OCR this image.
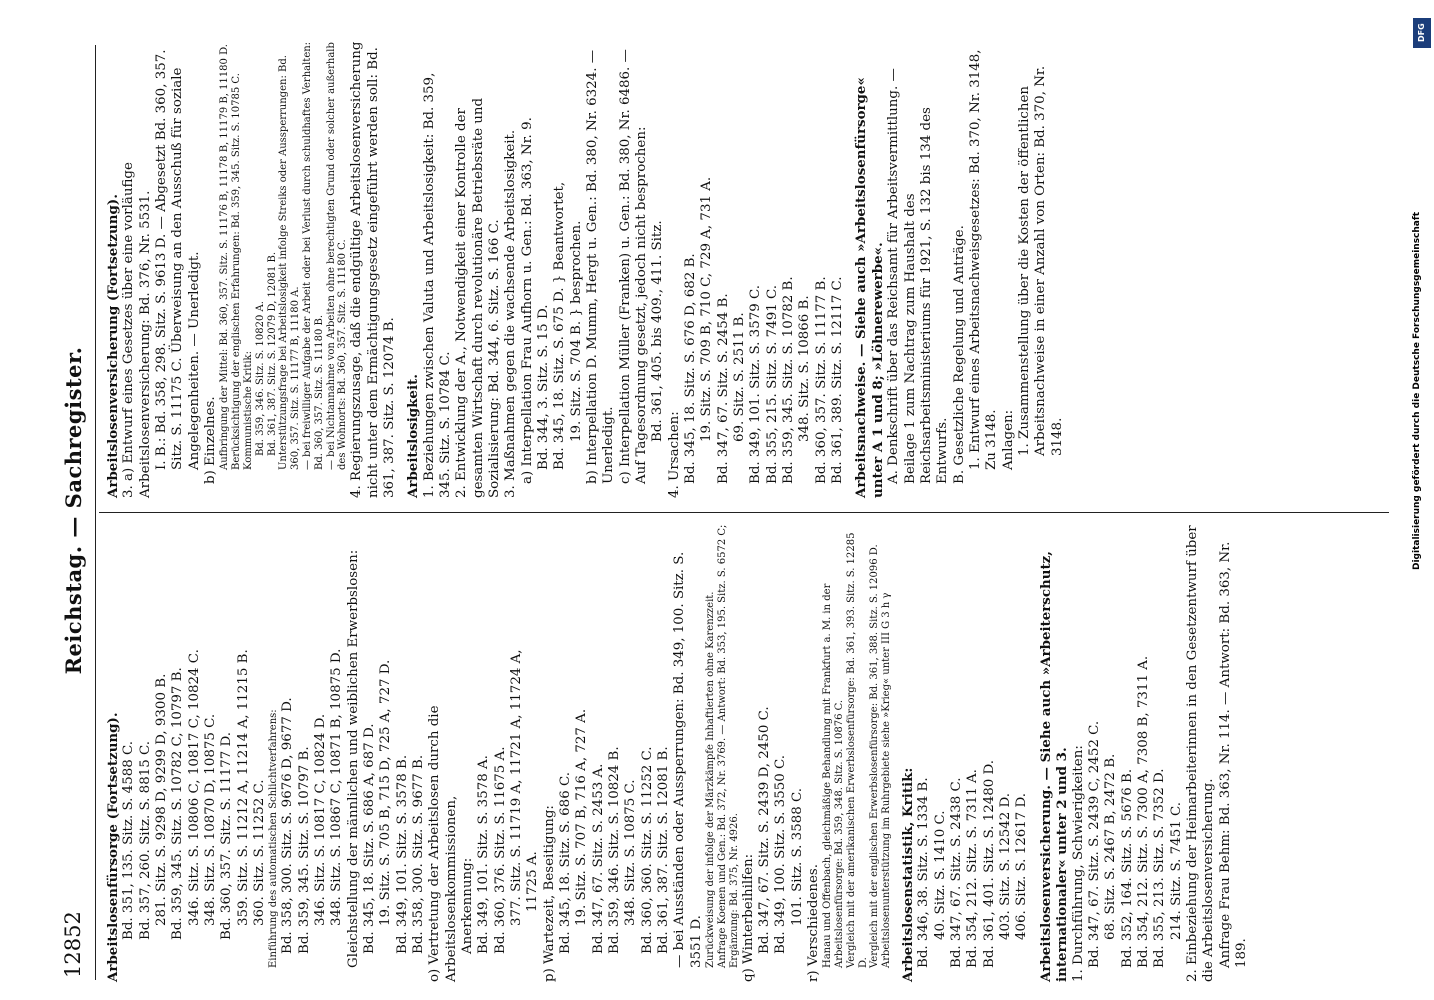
12852
Reichstag. — Sachregister.

Arbeitslosenfürsorge (Fortsetzung). Bd. 351, 135. Sitz. S. 4588 C. Bd. 357, 260. Sitz. S. 8815 C. 281. Sitz. S. 9298 D, 9299 D, 9300 B. Bd. 359, 345. Sitz. S. 10782 C, 10797 B. 346. Sitz. S. 10806 C, 10817 C, 10824 C. 348. Sitz. S. 10870 D, 10875 C. Bd. 360, 357. Sitz. S. 11177 D. 359. Sitz. S. 11212 A, 11214 A, 11215 B. 360. Sitz. S. 11252 C. Einführung des automatischen Schlichtverfahrens: Bd. 358, 300. Sitz. S. 9676 D, 9677 D. Bd. 359, 345. Sitz. S. 10797 B. 346. Sitz. S. 10817 C, 10824 D. 348. Sitz. S. 10867 C, 10871 B, 10875 D. Gleichstellung der männlichen und weiblichen Erwerbslosen: Bd. 345, 18. Sitz. S. 686 A, 687 D. 19. Sitz. S. 705 B, 715 D, 725 A, 727 D. Bd. 349, 101. Sitz. S. 3578 B. Bd. 358, 300. Sitz. S. 9677 B. o) Vertretung der Arbeitslosen durch die Arbeitslosenkommissionen, Anerkennung: Bd. 349, 101. Sitz. S. 3578 A. Bd. 360, 376. Sitz. S. 11675 A. 377. Sitz. S. 11719 A, 11721 A, 11724 A, 11725 A. p) Wartezeit, Beseitigung: Bd. 345, 18. Sitz. S. 686 C. 19. Sitz. S. 707 B, 716 A, 727 A. Bd. 347, 67. Sitz. S. 2453 A. Bd. 359, 346. Sitz. S. 10824 B. 348. Sitz. S. 10875 C. Bd. 360, 360. Sitz. S. 11252 C. Bd. 361, 387. Sitz. S. 12081 B. — bei Ausständen oder Aussperrungen: Bd. 349, 100. Sitz. S. 3551 D. Zurückweisung der infolge der Märzkämpfe Inhaftierten ohne Karenzzeit. Anfrage Koenen und Gen.: Bd. 372, Nr. 3769. — Antwort: Bd. 353, 195. Sitz. S. 6572 C; Ergänzung: Bd. 375, Nr. 4926. q) Winterbeihilfen: Bd. 347, 67. Sitz. S. 2439 D, 2450 C. Bd. 349, 100. Sitz. S. 3550 C. 101. Sitz. S. 3588 C. r) Verschiedenes. Hanau und Offenbach, gleichmäßige Behandlung mit Frankfurt a. M. in der Arbeitslosenfürsorge: Bd. 359, 348. Sitz. S. 10876 C. Vergleich mit der amerikanischen Erwerbslosenfürsorge: Bd. 361, 393. Sitz. S. 12285 D. Vergleich mit der englischen Erwerbslosenfürsorge: Bd. 361, 388. Sitz. S. 12096 D. Arbeitslosenunterstützung im Ruhrgebiete siehe »Krieg« unter III G 3 h γ Arbeitslosenstatistik, Kritik: Bd. 346, 38. Sitz. S. 1334 B. 40. Sitz. S. 1410 C. Bd. 347, 67. Sitz. S. 2438 C. Bd. 354, 212. Sitz. S. 7311 A. Bd. 361, 401. Sitz. S. 12480 D. 403. Sitz. S. 12542 D. 406. Sitz. S. 12617 D. Arbeitslosenversicherung. — Siehe auch »Arbeiterschutz, internationaler« unter 2 und 3. 1. Durchführung, Schwierigkeiten: Bd. 347, 67. Sitz. S. 2439 C, 2452 C. 68. Sitz. S. 2467 B, 2472 B. Bd. 352, 164. Sitz. S. 5676 B. Bd. 354, 212. Sitz. S. 7300 A, 7308 B, 7311 A. Bd. 355, 213. Sitz. S. 7352 D. 214. Sitz. S. 7451 C. 2. Einbeziehung der Heimarbeiterinnen in den Gesetzentwurf über die Arbeitslosenversicherung. Anfrage Frau Behm: Bd. 363, Nr. 114. — Antwort: Bd. 363, Nr. 189.

Arbeitslosenversicherung (Fortsetzung). 3. a) Entwurf eines Gesetzes über eine vorläufige Arbeitslosenversicherung: Bd. 376, Nr. 5531. I. B.: Bd. 358, 298. Sitz. S. 9613 D. — Abgesetzt Bd. 360, 357. Sitz. S. 11175 C. Überweisung an den Ausschuß für soziale Angelegenheiten. — Unerledigt. b) Einzelnes. Aufbringung der Mittel: Bd. 360, 357. Sitz. S. 11176 B, 11178 B, 11179 B, 11180 D. Berücksichtigung der englischen Erfahrungen: Bd. 359, 345. Sitz. S. 10785 C. Kommunistische Kritik: Bd. 359, 346. Sitz. S. 10820 A. Bd. 361, 387. Sitz. S. 12079 D, 12081 B. Unterstützungsfrage bei Arbeitslosigkeit infolge Streiks oder Aussperrungen: Bd. 360, 357. Sitz. S. 11177 B, 11180 A. — bei freiwilliger Aufgabe der Arbeit oder bei Verlust durch schuldhaftes Verhalten: Bd. 360, 357. Sitz. S. 11180 B. — bei Nichtannahme von Arbeiten ohne berechtigten Grund oder solcher außerhalb des Wohnorts: Bd. 360, 357. Sitz. S. 11180 C. 4. Regierungszusage, daß die endgültige Arbeitslosenversicherung nicht unter dem Ermächtigungsgesetz eingeführt werden soll: Bd. 361, 387. Sitz. S. 12074 B. Arbeitslosigkeit. 1. Beziehungen zwischen Valuta und Arbeitslosigkeit: Bd. 359, 345. Sitz. S. 10784 C. 2. Entwicklung der A., Notwendigkeit einer Kontrolle der gesamten Wirtschaft durch revolutionäre Betriebsräte und Sozialisierung: Bd. 344, 6. Sitz. S. 166 C. 3. Maßnahmen gegen die wachsende Arbeitslosigkeit. a) Interpellation Frau Aufhorn u. Gen.: Bd. 363, Nr. 9. Bd. 344, 3. Sitz. S. 15 D. Bd. 345, 18. Sitz. S. 675 D. } Beantwortet, 19. Sitz. S. 704 B. } besprochen. b) Interpellation D. Mumm, Hergt u. Gen.: Bd. 380, Nr. 6324. — Unerledigt. c) Interpellation Müller (Franken) u. Gen.: Bd. 380, Nr. 6486. — Auf Tagesordnung gesetzt, jedoch nicht besprochen: Bd. 361, 405. bis 409., 411. Sitz.

4. Ursachen: Bd. 345, 18. Sitz. S. 676 D, 682 B. 19. Sitz. S. 709 B, 710 C, 729 A, 731 A. Bd. 347, 67. Sitz. S. 2454 B. 69. Sitz. S. 2511 B. Bd. 349, 101. Sitz. S. 3579 C. Bd. 355, 215. Sitz. S. 7491 C. Bd. 359, 345. Sitz. S. 10782 B. 348. Sitz. S. 10866 B. Bd. 360, 357. Sitz. S. 11177 B. Bd. 361, 389. Sitz. S. 12117 C. Arbeitsnachweise. — Siehe auch »Arbeitslosenfürsorge« unter A 1 und 8; »Löhnerewerbe«. A. Denkschrift über das Reichsamt für Arbeitsvermittlung. — Beilage 1 zum Nachtrag zum Haushalt des Reichsarbeitsministeriums für 1921, S. 132 bis 134 des Entwurfs. B. Gesetzliche Regelung und Anträge. 1. Entwurf eines Arbeitsnachweisgesetzes: Bd. 370, Nr. 3148, Zu 3148. Anlagen: 1. Zusammenstellung über die Kosten der öffentlichen Arbeitsnachweise in einer Anzahl von Orten: Bd. 370, Nr. 3148.

DFG
Digitalisierung gefördert durch die Deutsche Forschungsgemeinschaft
